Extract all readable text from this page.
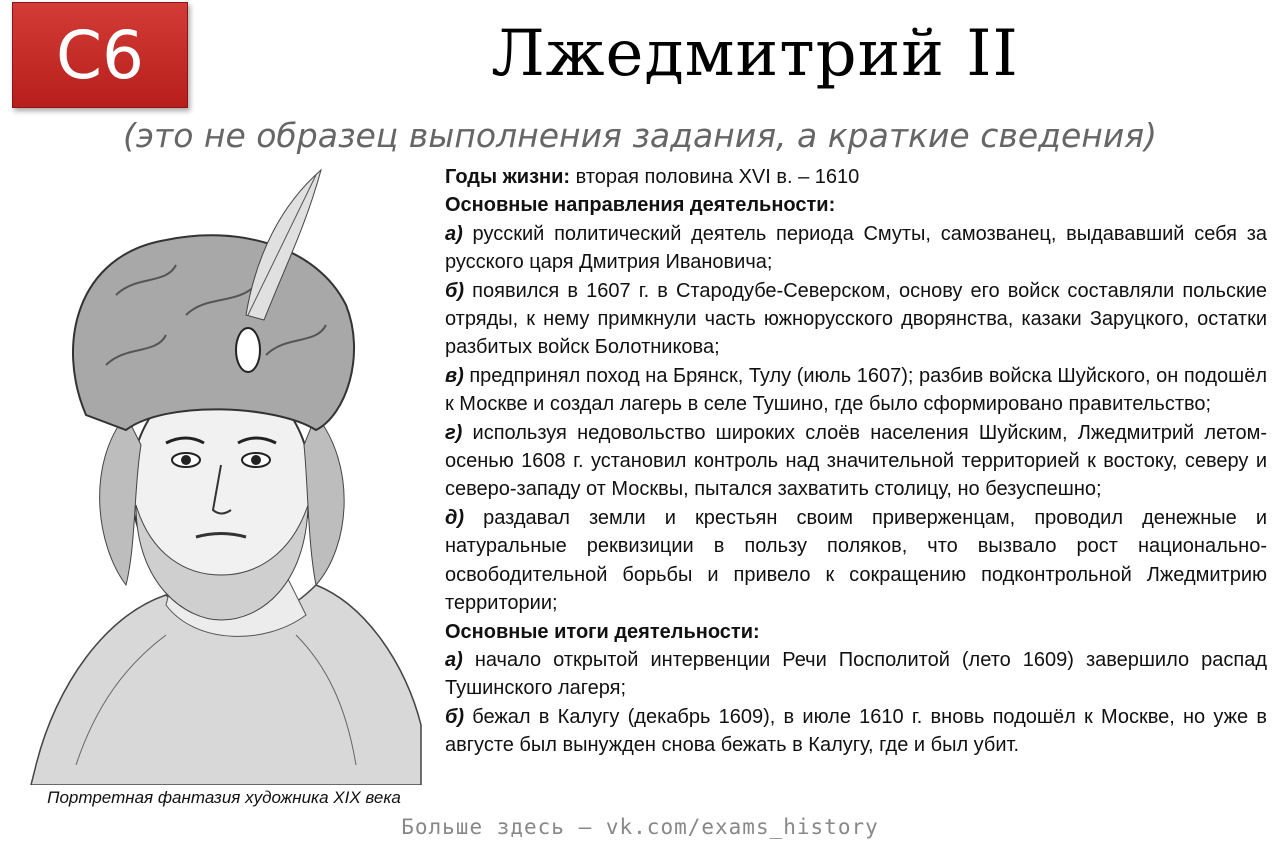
С6	Лжедмитрий II
(это не образец выполнения задания, а краткие сведения)
Портретная фантазия художника XIX века

Годы жизни: вторая половина XVI в. – 1610

Основные направления деятельности:

а) русский политический деятель периода Смуты, самозванец, выдававший себя за русского царя Дмитрия Ивановича;

б) появился в 1607 г. в Стародубе-Северском, основу его войск составляли польские отряды, к нему примкнули часть южнорусского дворянства, казаки Заруцкого, остатки разбитых войск Болотникова;

в) предпринял поход на Брянск, Тулу (июль 1607); разбив войска Шуйского, он подошёл к Москве и создал лагерь в селе Тушино, где было сформировано правительство;

г) используя недовольство широких слоёв населения Шуйским, Лжедмитрий летом-осенью 1608 г. установил контроль над значительной территорией к востоку, северу и северо-западу от Москвы, пытался захватить столицу, но безуспешно;

д) раздавал земли и крестьян своим приверженцам, проводил денежные и натуральные реквизиции в пользу поляков, что вызвало рост национально-освободительной борьбы и привело к сокращению подконтрольной Лжедмитрию территории;

Основные итоги деятельности:

а) начало открытой интервенции Речи Посполитой (лето 1609) завершило распад Тушинского лагеря;

б) бежал в Калугу (декабрь 1609), в июле 1610 г. вновь подошёл к Москве, но уже в августе был вынужден снова бежать в Калугу, где и был убит.

Больше здесь — vk.com/exams_history
